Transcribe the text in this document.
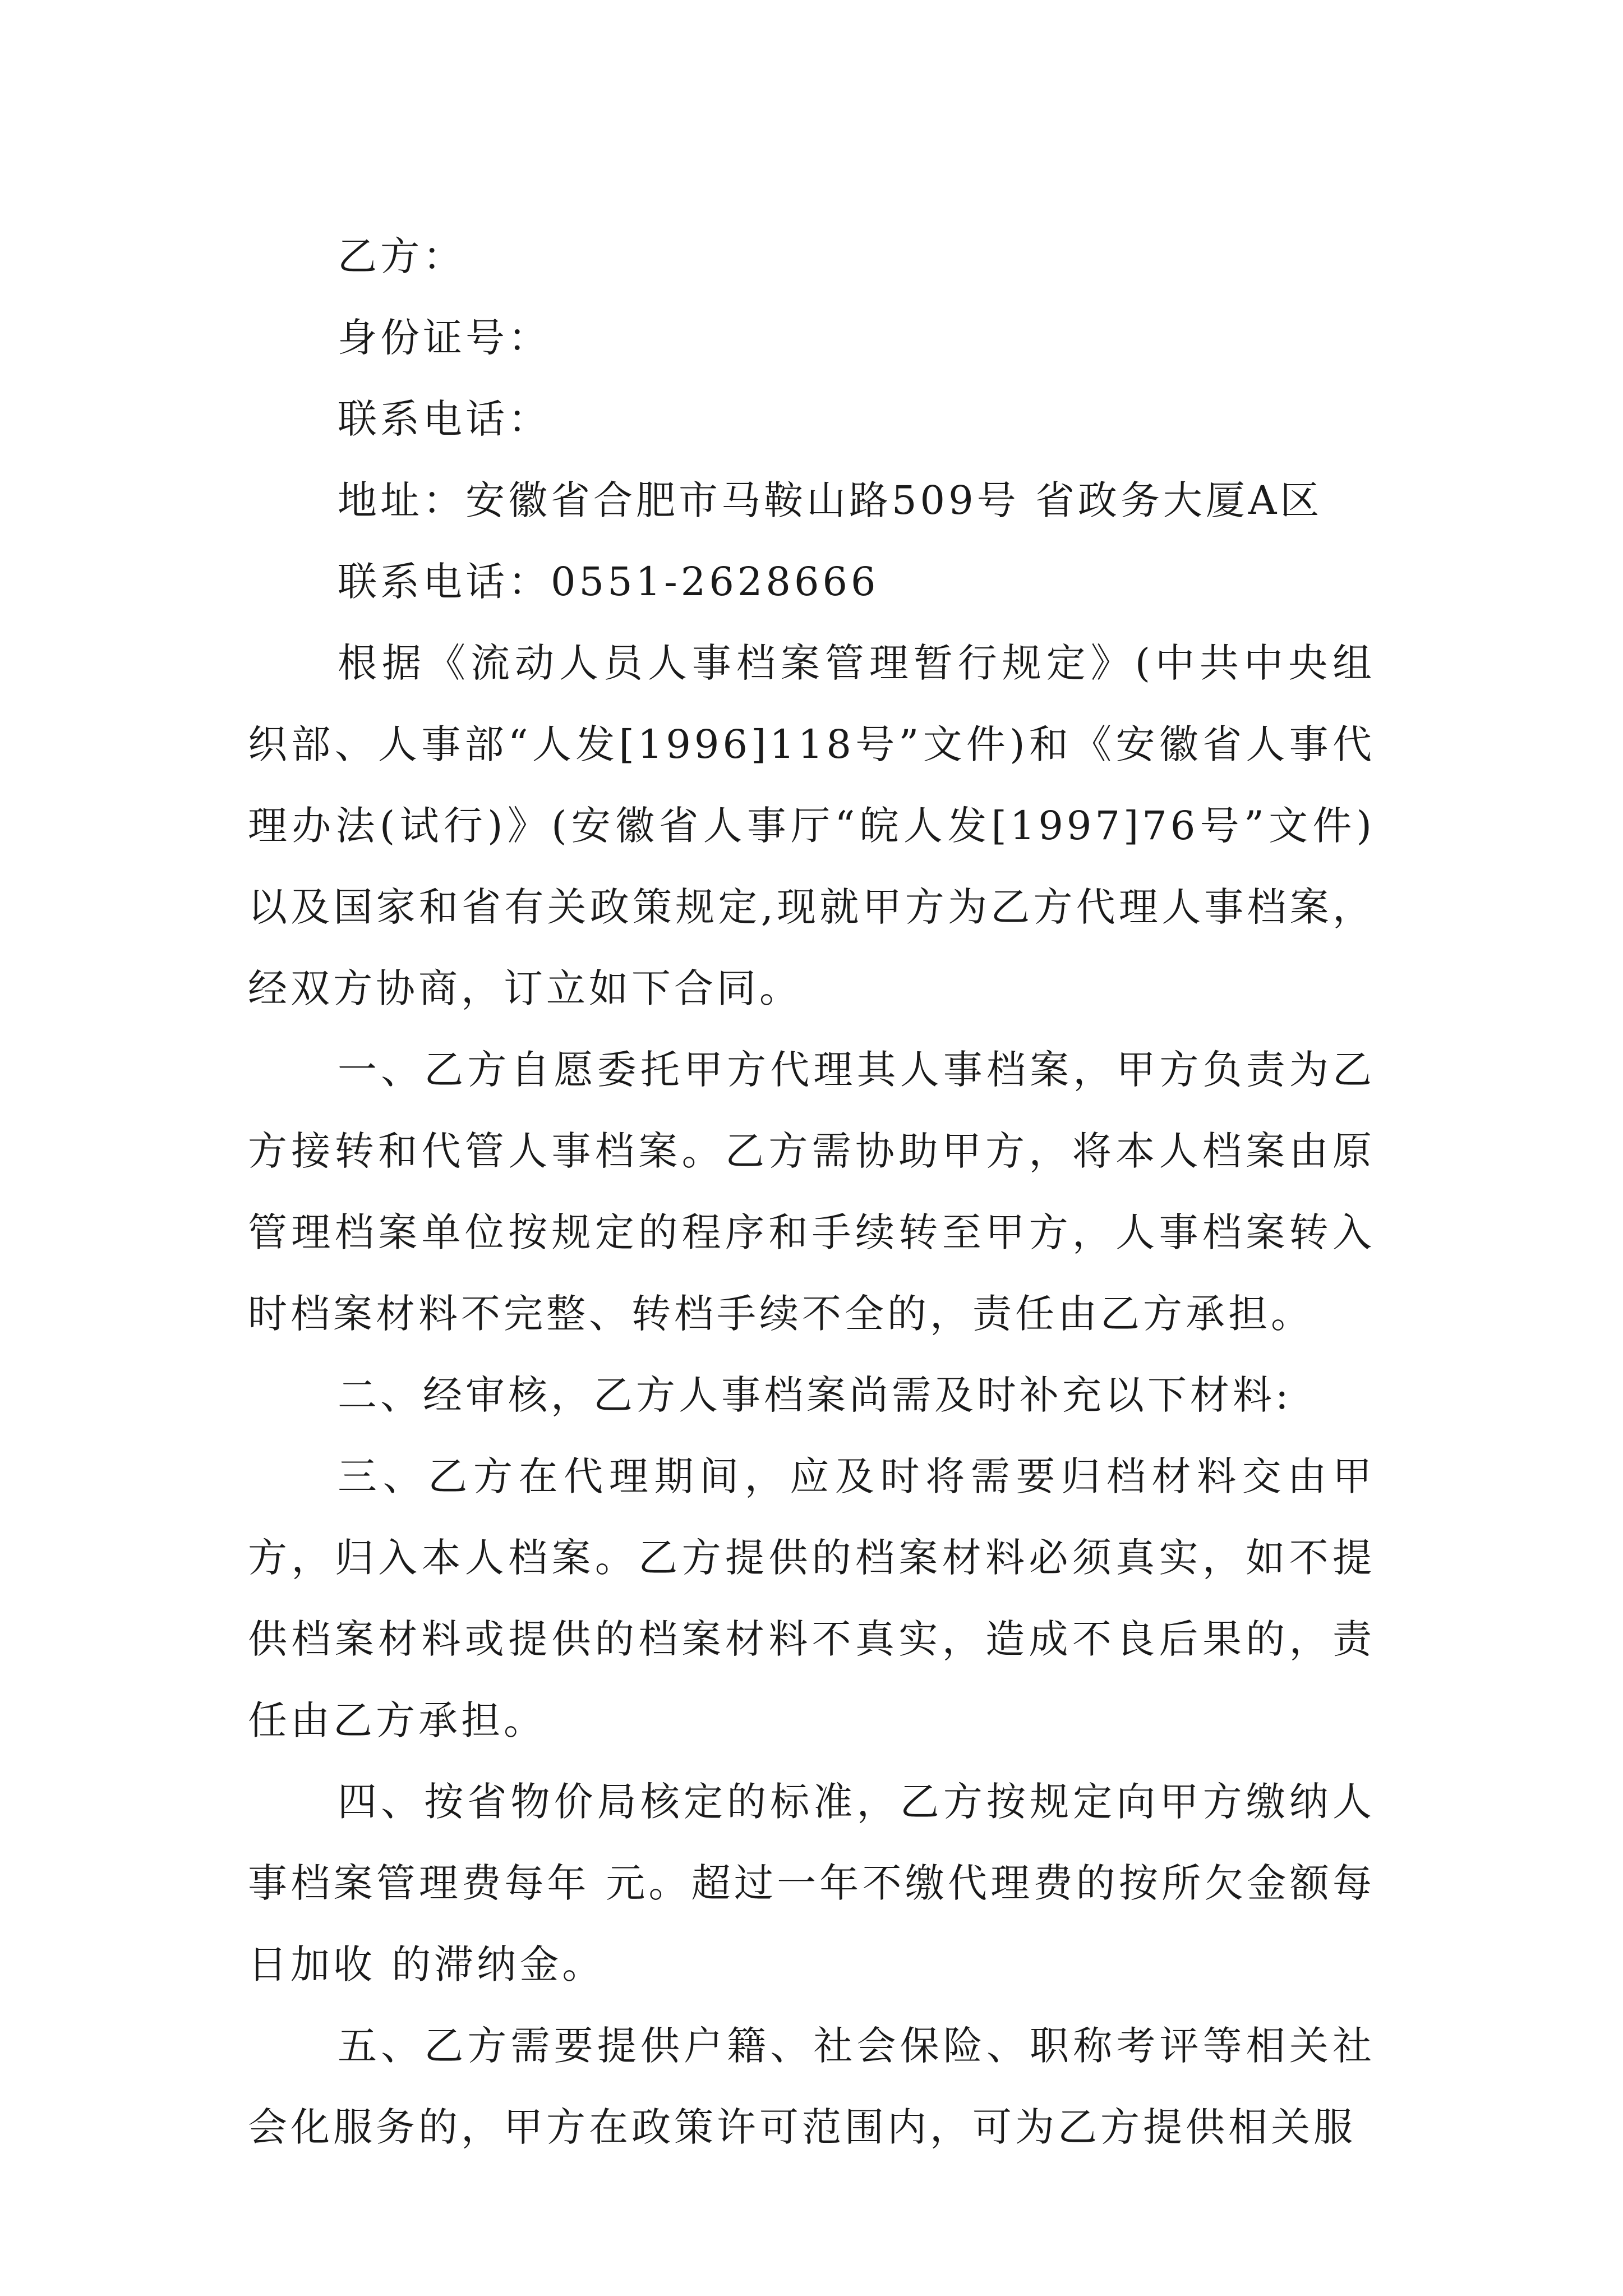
乙方：

身份证号：

联系电话：

地址：安徽省合肥市马鞍山路509号 省政务大厦A区

联系电话：0551-2628666

根据《流动人员人事档案管理暂行规定》(中共中央组织部、人事部“人发[1996]118号”文件)和《安徽省人事代理办法(试行)》(安徽省人事厅“皖人发[1997]76号”文件)以及国家和省有关政策规定,现就甲方为乙方代理人事档案，经双方协商，订立如下合同。

一、乙方自愿委托甲方代理其人事档案，甲方负责为乙方接转和代管人事档案。乙方需协助甲方，将本人档案由原管理档案单位按规定的程序和手续转至甲方，人事档案转入时档案材料不完整、转档手续不全的，责任由乙方承担。

二、经审核，乙方人事档案尚需及时补充以下材料:

三、乙方在代理期间，应及时将需要归档材料交由甲方，归入本人档案。乙方提供的档案材料必须真实，如不提供档案材料或提供的档案材料不真实，造成不良后果的，责任由乙方承担。

四、按省物价局核定的标准，乙方按规定向甲方缴纳人事档案管理费每年 元。超过一年不缴代理费的按所欠金额每日加收 的滞纳金。

五、乙方需要提供户籍、社会保险、职称考评等相关社会化服务的，甲方在政策许可范围内，可为乙方提供相关服
